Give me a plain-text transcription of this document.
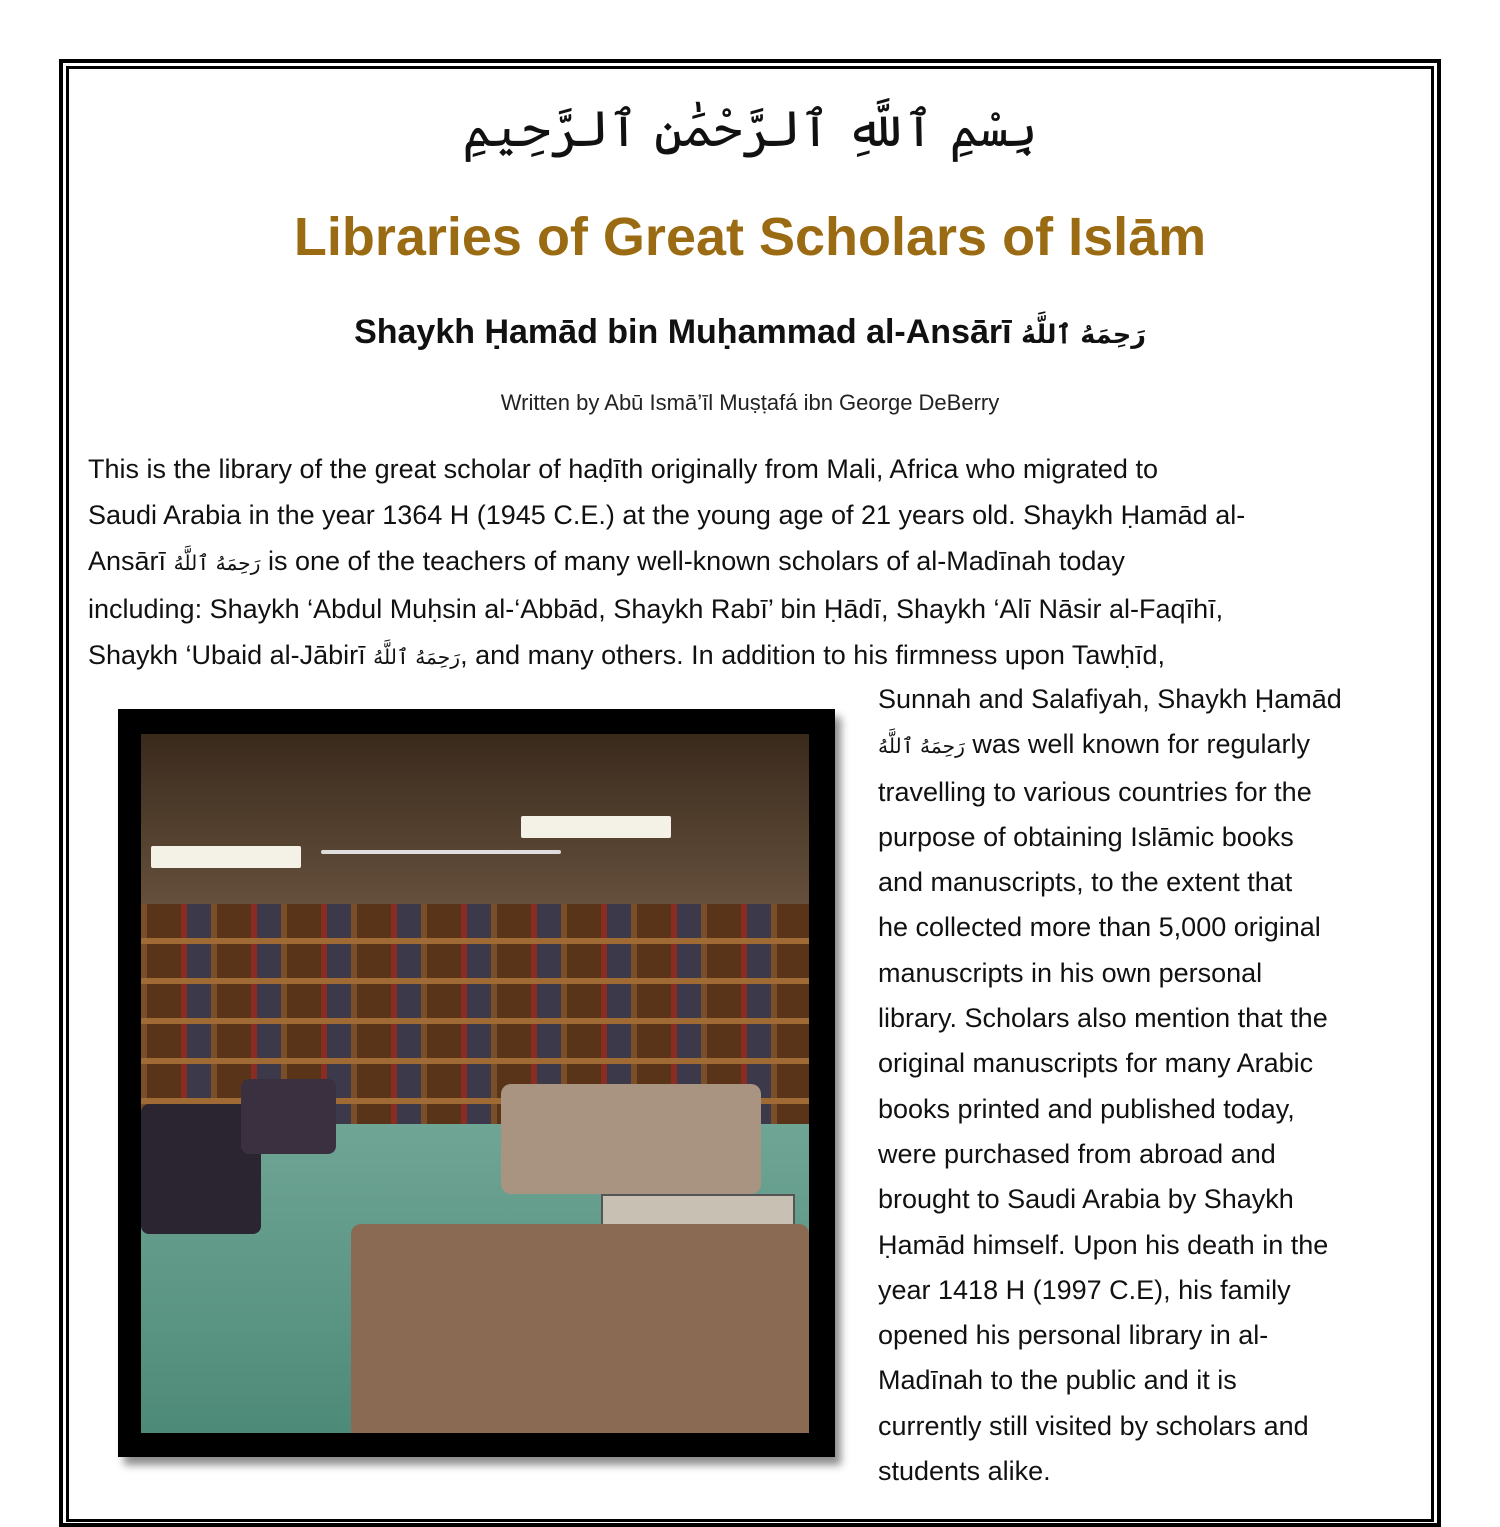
بِسْمِ ٱللَّهِ ٱلرَّحْمَٰنِ ٱلرَّحِيمِ
Libraries of Great Scholars of Islām
Shaykh Ḥamād bin Muḥammad al-Ansārī رَحِمَهُ ٱللَّهُ
Written by Abū Ismā’īl Muṣṭafá ibn George DeBerry
This is the library of the great scholar of haḍīth originally from Mali, Africa who migrated to
Saudi Arabia in the year 1364 H (1945 C.E.) at the young age of 21 years old. Shaykh Ḥamād al-
Ansārī رَحِمَهُ ٱللَّهُ is one of the teachers of many well-known scholars of al-Madīnah today
including: Shaykh ‘Abdul Muḥsin al-‘Abbād, Shaykh Rabī’ bin Ḥādī, Shaykh ‘Alī Nāsir al-Faqīhī,
Shaykh ‘Ubaid al-Jābirī رَحِمَهُ ٱللَّهُ, and many others. In addition to his firmness upon Tawḥīd,
Sunnah and Salafiyah, Shaykh Ḥamād
رَحِمَهُ ٱللَّهُ was well known for regularly
travelling to various countries for the
purpose of obtaining Islāmic books
and manuscripts, to the extent that
he collected more than 5,000 original
manuscripts in his own personal
library. Scholars also mention that the
original manuscripts for many Arabic
books printed and published today,
were purchased from abroad and
brought to Saudi Arabia by Shaykh
Ḥamād himself. Upon his death in the
year 1418 H (1997 C.E), his family
opened his personal library in al-
Madīnah to the public and it is
currently still visited by scholars and
students alike.
